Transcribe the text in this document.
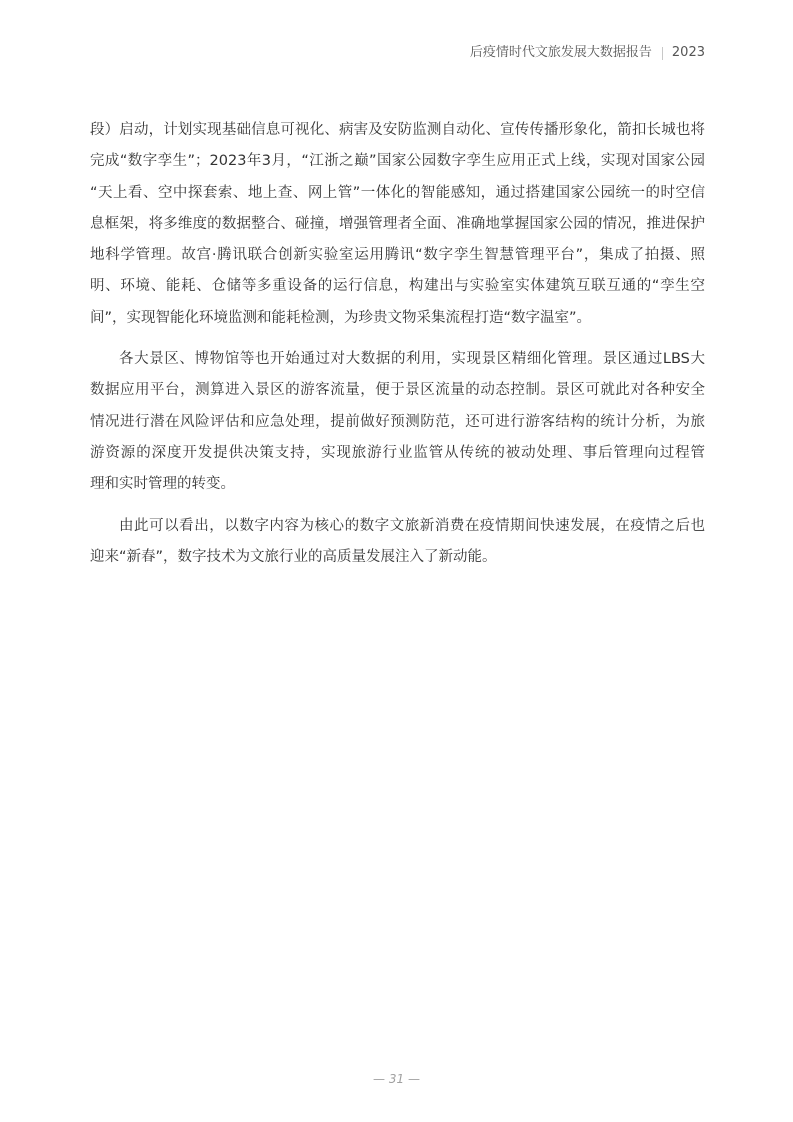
后疫情时代文旅发展大数据报告 2023
段）启动，计划实现基础信息可视化、病害及安防监测自动化、宣传传播形象化，箭扣长城也将
完成“数字孪生”；2023年3月，“江浙之巅”国家公园数字孪生应用正式上线，实现对国家公园
“天上看、空中探套索、地上查、网上管”一体化的智能感知，通过搭建国家公园统一的时空信
息框架，将多维度的数据整合、碰撞，增强管理者全面、准确地掌握国家公园的情况，推进保护
地科学管理。故宫·腾讯联合创新实验室运用腾讯“数字孪生智慧管理平台”，集成了拍摄、照
明、环境、能耗、仓储等多重设备的运行信息，构建出与实验室实体建筑互联互通的“孪生空
间”，实现智能化环境监测和能耗检测，为珍贵文物采集流程打造“数字温室”。
各大景区、博物馆等也开始通过对大数据的利用，实现景区精细化管理。景区通过LBS大
数据应用平台，测算进入景区的游客流量，便于景区流量的动态控制。景区可就此对各种安全
情况进行潜在风险评估和应急处理，提前做好预测防范，还可进行游客结构的统计分析，为旅
游资源的深度开发提供决策支持，实现旅游行业监管从传统的被动处理、事后管理向过程管
理和实时管理的转变。
由此可以看出，以数字内容为核心的数字文旅新消费在疫情期间快速发展，在疫情之后也
迎来“新春”，数字技术为文旅行业的高质量发展注入了新动能。
— 31 —
